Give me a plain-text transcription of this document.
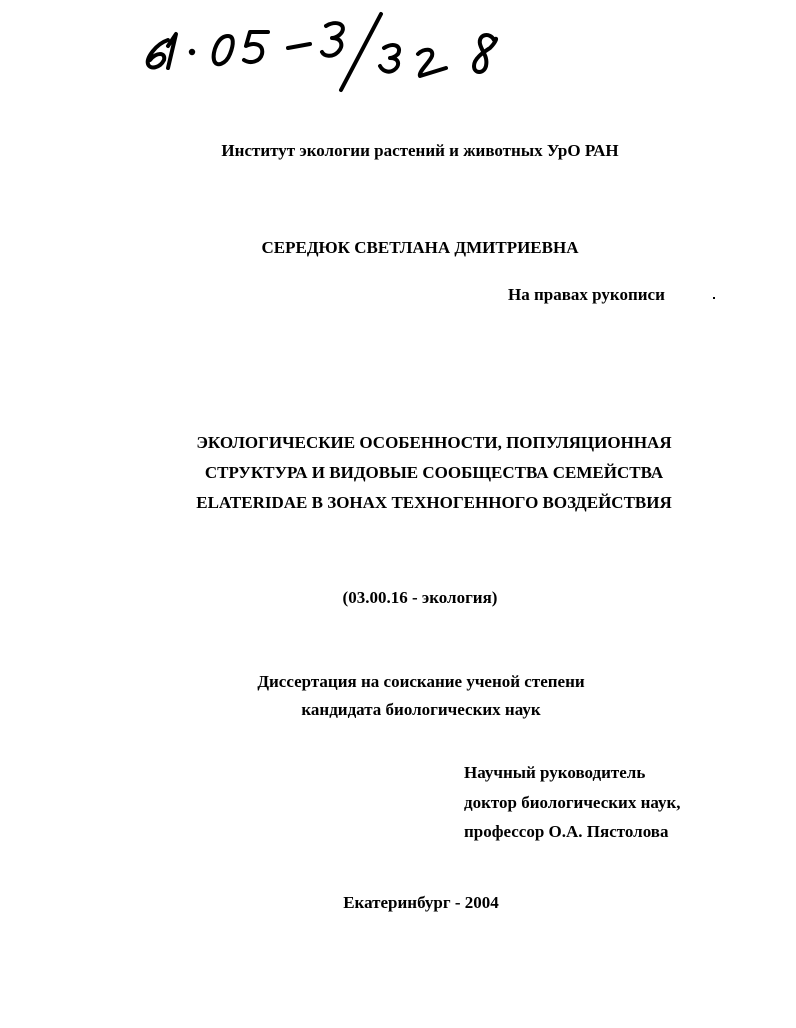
Институт экологии растений и животных УрО РАН
СЕРЕДЮК СВЕТЛАНА ДМИТРИЕВНА
На правах рукописи
ЭКОЛОГИЧЕСКИЕ ОСОБЕННОСТИ, ПОПУЛЯЦИОННАЯ
СТРУКТУРА И ВИДОВЫЕ СООБЩЕСТВА СЕМЕЙСТВА
ELATERIDAE В ЗОНАХ ТЕХНОГЕННОГО ВОЗДЕЙСТВИЯ
(03.00.16 - экология)
Диссертация на соискание ученой степени
кандидата биологических наук
Научный руководитель
доктор биологических наук,
профессор О.А. Пястолова
Екатеринбург - 2004
